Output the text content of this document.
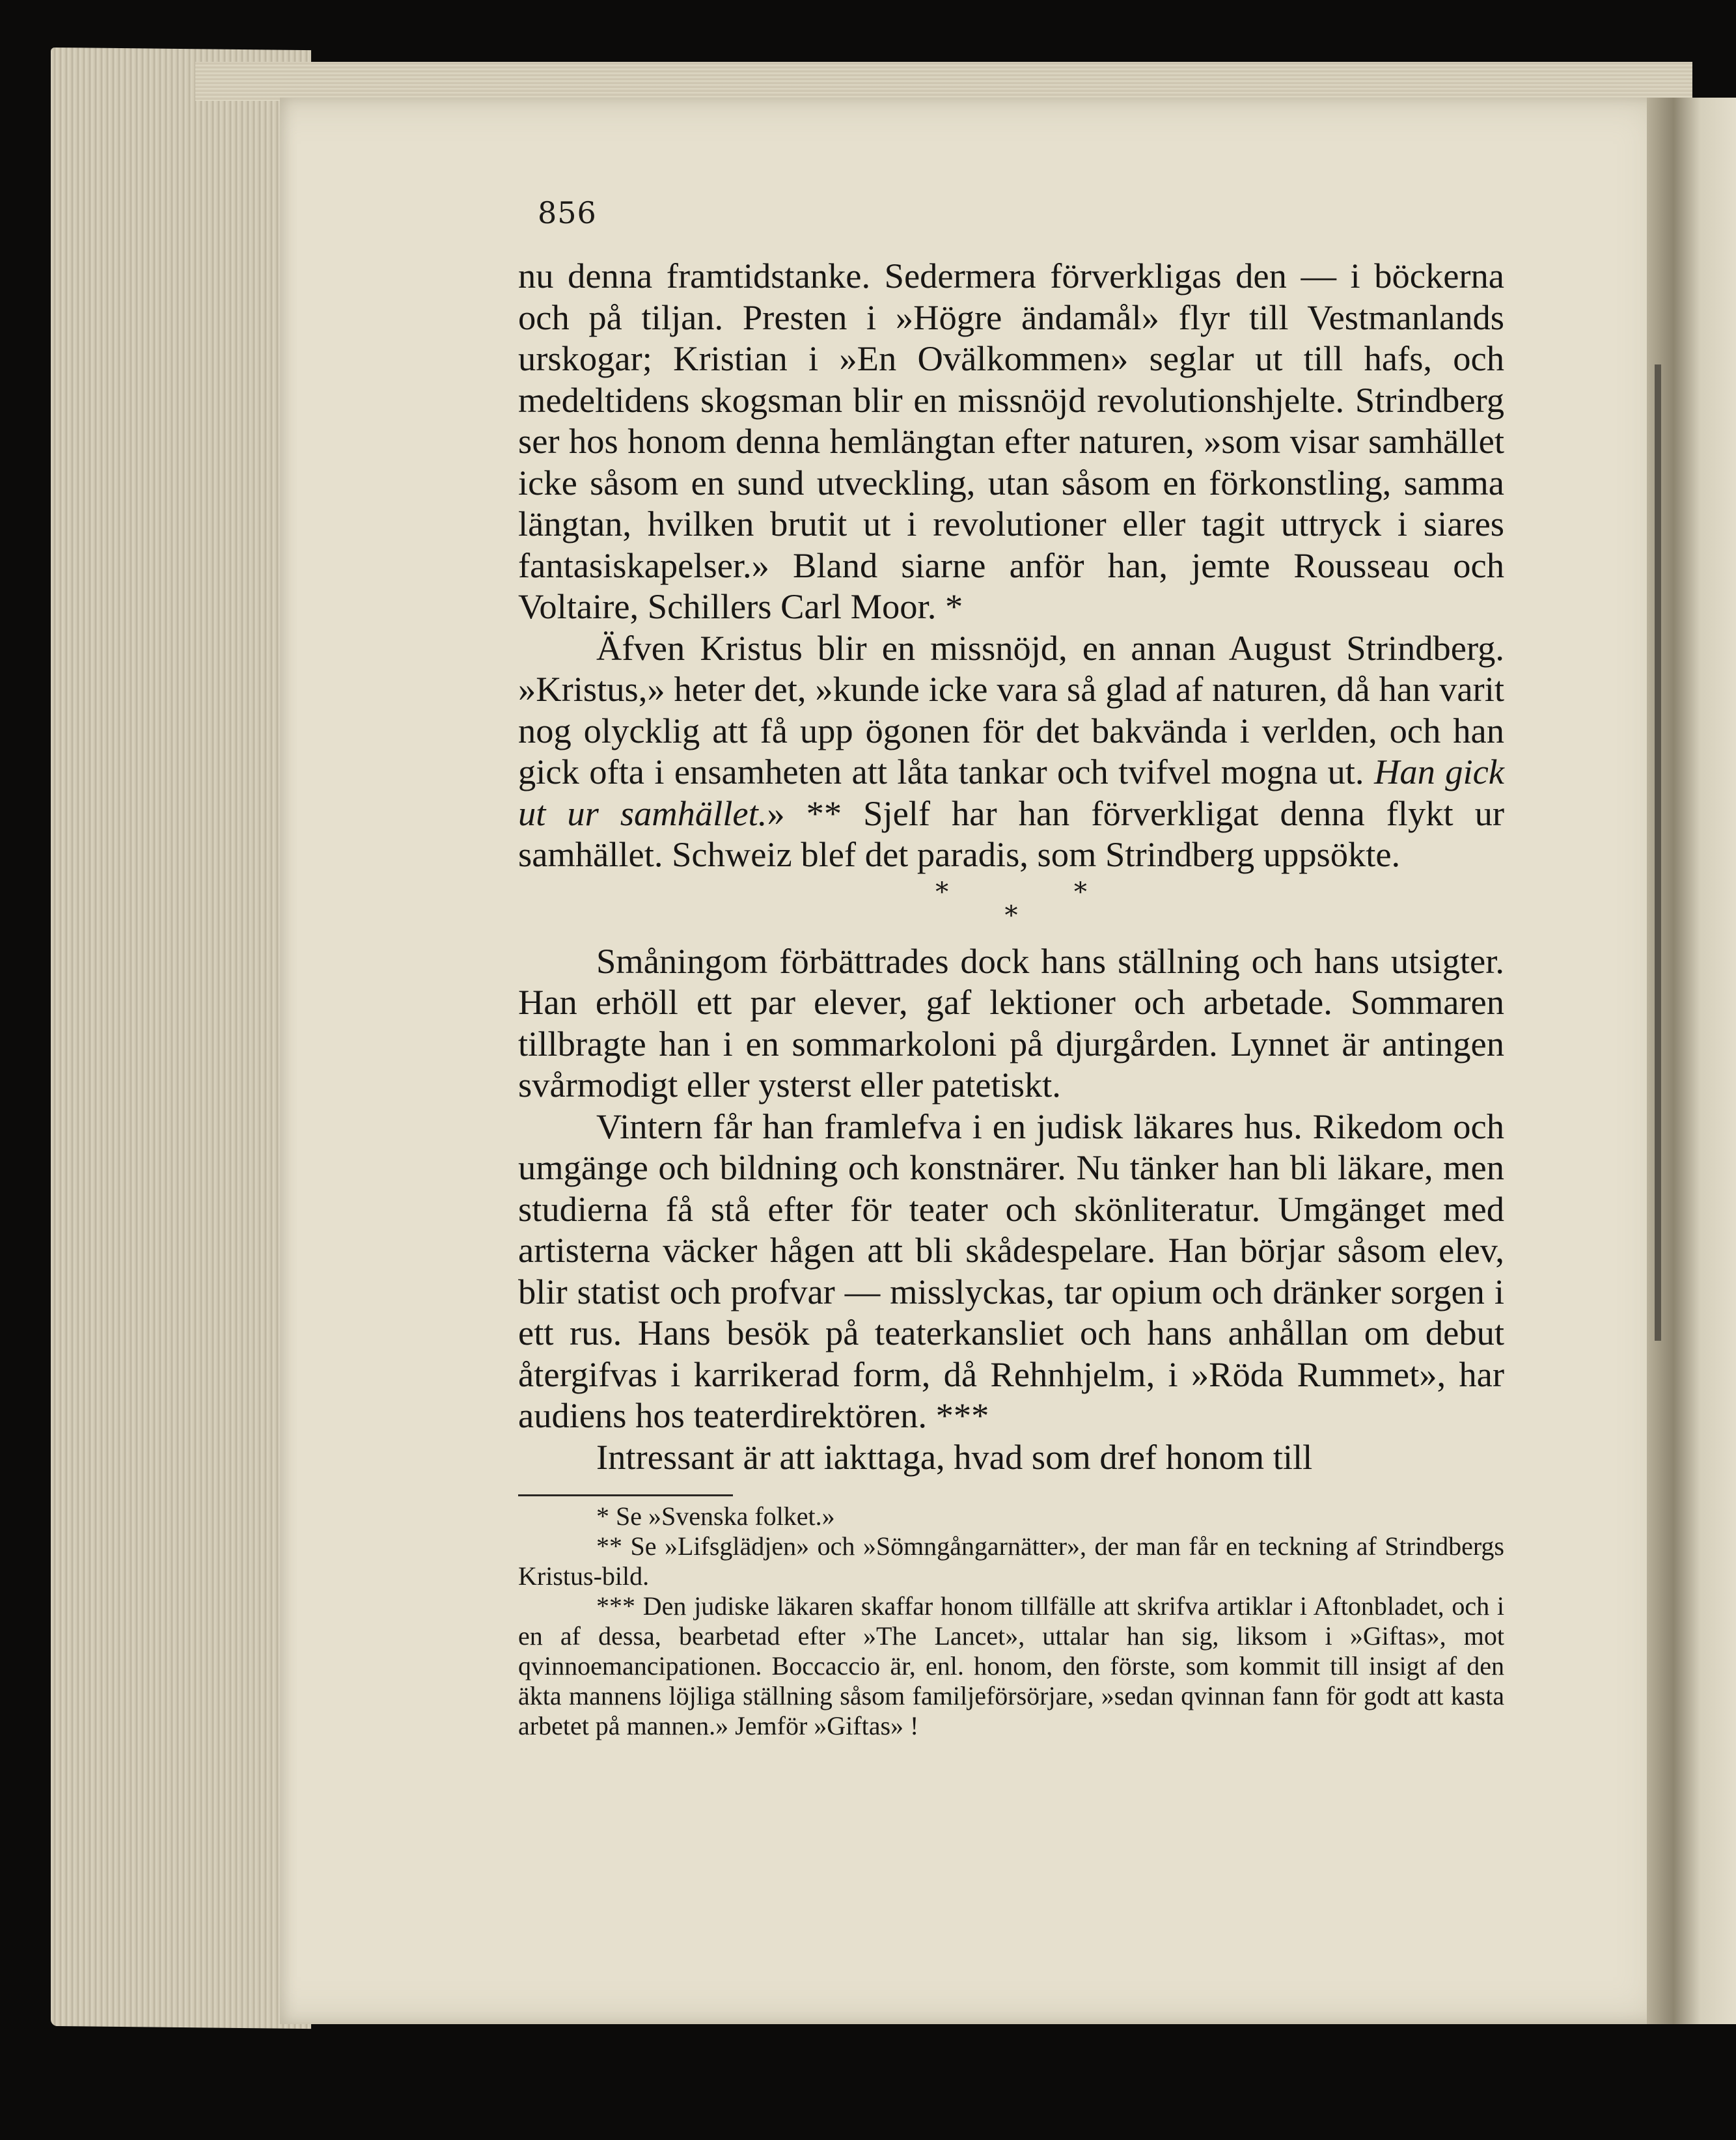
856

nu denna framtidstanke. Sedermera förverkligas den — i böckerna och på tiljan. Presten i »Högre ändamål» flyr till Vestmanlands urskogar; Kristian i »En Ovälkommen» seglar ut till hafs, och medeltidens skogsman blir en missnöjd revolutionshjelte. Strindberg ser hos honom denna hemlängtan efter naturen, »som visar samhället icke såsom en sund utveckling, utan såsom en förkonstling, samma längtan, hvilken brutit ut i revolutioner eller tagit uttryck i siares fantasiskapelser.» Bland siarne anför han, jemte Rousseau och Voltaire, Schillers Carl Moor. *

Äfven Kristus blir en missnöjd, en annan August Strindberg. »Kristus,» heter det, »kunde icke vara så glad af naturen, då han varit nog olycklig att få upp ögonen för det bakvända i verlden, och han gick ofta i ensamheten att låta tankar och tvifvel mogna ut. Han gick ut ur samhället.» ** Sjelf har han förverkligat denna flykt ur samhället. Schweiz blef det paradis, som Strindberg uppsökte.

* *
*

Småningom förbättrades dock hans ställning och hans utsigter. Han erhöll ett par elever, gaf lektioner och arbetade. Sommaren tillbragte han i en sommarkoloni på djurgården. Lynnet är antingen svårmodigt eller ysterst eller patetiskt.

Vintern får han framlefva i en judisk läkares hus. Rikedom och umgänge och bildning och konstnärer. Nu tänker han bli läkare, men studierna få stå efter för teater och skönliteratur. Umgänget med artisterna väcker hågen att bli skådespelare. Han börjar såsom elev, blir statist och profvar — misslyckas, tar opium och dränker sorgen i ett rus. Hans besök på teaterkansliet och hans anhållan om debut återgifvas i karrikerad form, då Rehnhjelm, i »Röda Rummet», har audiens hos teaterdirektören. ***

Intressant är att iakttaga, hvad som dref honom till

* Se »Svenska folket.»

** Se »Lifsglädjen» och »Sömngångarnätter», der man får en teckning af Strindbergs Kristus-bild.

*** Den judiske läkaren skaffar honom tillfälle att skrifva artiklar i Aftonbladet, och i en af dessa, bearbetad efter »The Lancet», uttalar han sig, liksom i »Giftas», mot qvinnoemancipationen. Boccaccio är, enl. honom, den förste, som kommit till insigt af den äkta mannens löjliga ställning såsom familjeförsörjare, »sedan qvinnan fann för godt att kasta arbetet på mannen.» Jemför »Giftas» !
